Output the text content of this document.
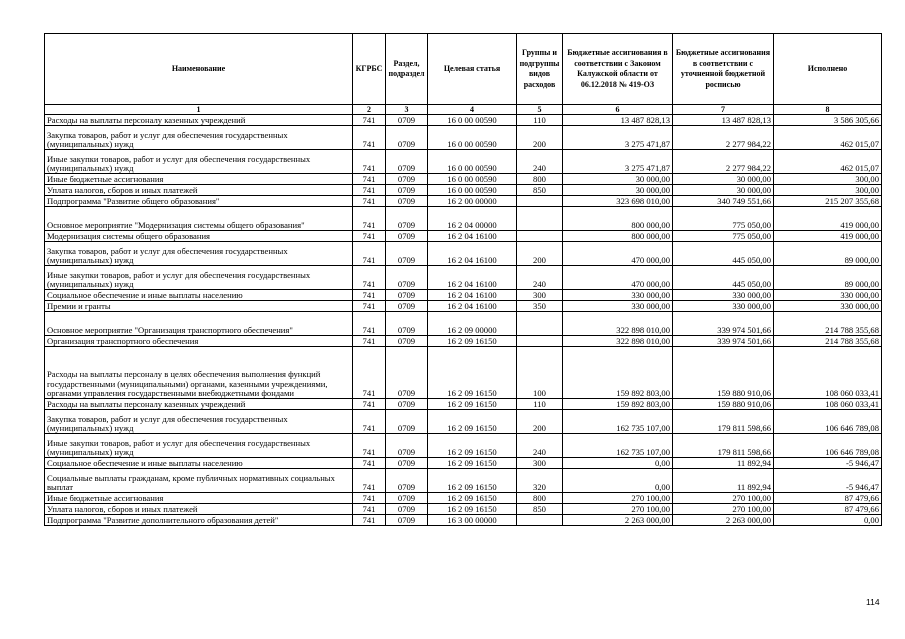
Наименование	КГРБС	Раздел, подраздел	Целевая статья	Группы и подгруппы видов расходов	Бюджетные ассигнования в соответствии с Законом Калужской области от 06.12.2018 № 419-ОЗ	Бюджетные ассигнования в соответствии с уточненной бюджетной росписью	Исполнено
1	2	3	4	5	6	7	8
Расходы на выплаты персоналу казенных учреждений	741	0709	16 0 00 00590	110	13 487 828,13	13 487 828,13	3 586 305,66
Закупка товаров, работ и услуг для обеспечения государственных (муниципальных) нужд	741	0709	16 0 00 00590	200	3 275 471,87	2 277 984,22	462 015,07
Иные закупки товаров, работ и услуг для обеспечения государственных (муниципальных) нужд	741	0709	16 0 00 00590	240	3 275 471,87	2 277 984,22	462 015,07
Иные бюджетные ассигнования	741	0709	16 0 00 00590	800	30 000,00	30 000,00	300,00
Уплата налогов, сборов и иных платежей	741	0709	16 0 00 00590	850	30 000,00	30 000,00	300,00
Подпрограмма "Развитие общего образования"	741	0709	16 2 00 00000		323 698 010,00	340 749 551,66	215 207 355,68
Основное мероприятие "Модернизация системы общего образования"	741	0709	16 2 04 00000		800 000,00	775 050,00	419 000,00
Модернизация системы общего образования	741	0709	16 2 04 16100		800 000,00	775 050,00	419 000,00
Закупка товаров, работ и услуг для обеспечения государственных (муниципальных) нужд	741	0709	16 2 04 16100	200	470 000,00	445 050,00	89 000,00
Иные закупки товаров, работ и услуг для обеспечения государственных (муниципальных) нужд	741	0709	16 2 04 16100	240	470 000,00	445 050,00	89 000,00
Социальное обеспечение и иные выплаты населению	741	0709	16 2 04 16100	300	330 000,00	330 000,00	330 000,00
Премии и гранты	741	0709	16 2 04 16100	350	330 000,00	330 000,00	330 000,00
Основное мероприятие "Организация транспортного обеспечения"	741	0709	16 2 09 00000		322 898 010,00	339 974 501,66	214 788 355,68
Организация транспортного обеспечения	741	0709	16 2 09 16150		322 898 010,00	339 974 501,66	214 788 355,68
Расходы на выплаты персоналу в целях обеспечения выполнения функций государственными (муниципальными) органами, казенными учреждениями, органами управления государственными внебюджетными фондами	741	0709	16 2 09 16150	100	159 892 803,00	159 880 910,06	108 060 033,41
Расходы на выплаты персоналу казенных учреждений	741	0709	16 2 09 16150	110	159 892 803,00	159 880 910,06	108 060 033,41
Закупка товаров, работ и услуг для обеспечения государственных (муниципальных) нужд	741	0709	16 2 09 16150	200	162 735 107,00	179 811 598,66	106 646 789,08
Иные закупки товаров, работ и услуг для обеспечения государственных (муниципальных) нужд	741	0709	16 2 09 16150	240	162 735 107,00	179 811 598,66	106 646 789,08
Социальное обеспечение и иные выплаты населению	741	0709	16 2 09 16150	300	0,00	11 892,94	-5 946,47
Социальные выплаты гражданам, кроме публичных нормативных социальных выплат	741	0709	16 2 09 16150	320	0,00	11 892,94	-5 946,47
Иные бюджетные ассигнования	741	0709	16 2 09 16150	800	270 100,00	270 100,00	87 479,66
Уплата налогов, сборов и иных платежей	741	0709	16 2 09 16150	850	270 100,00	270 100,00	87 479,66
Подпрограмма "Развитие дополнительного образования детей"	741	0709	16 3 00 00000		2 263 000,00	2 263 000,00	0,00
114
